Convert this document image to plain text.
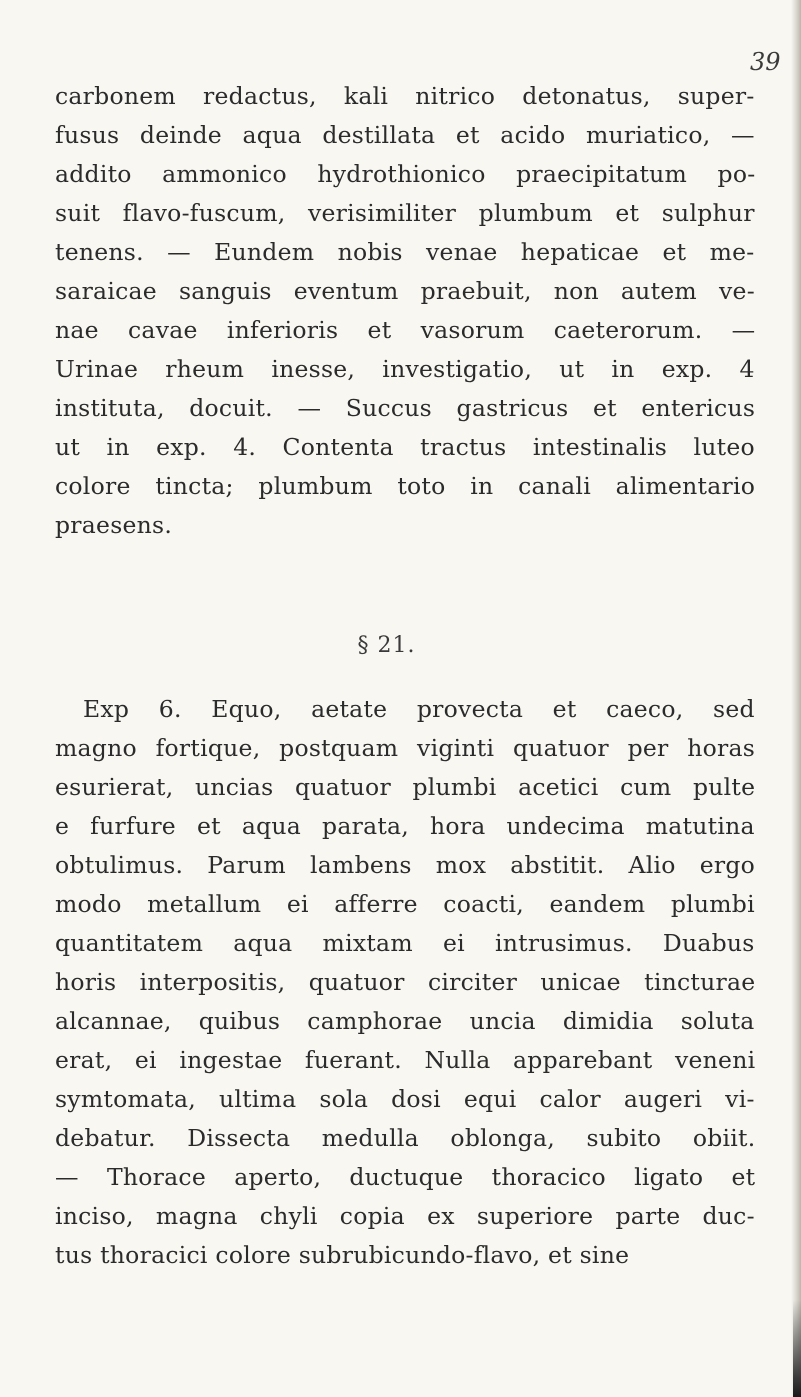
39
carbonem redactus, kali nitrico detonatus, super-
fusus deinde aqua destillata et acido muriatico, —
addito ammonico hydrothionico praecipitatum po-
suit flavo-fuscum, verisimiliter plumbum et sulphur
tenens. — Eundem nobis venae hepaticae et me-
saraicae sanguis eventum praebuit, non autem ve-
nae cavae inferioris et vasorum caeterorum. —
Urinae rheum inesse, investigatio, ut in exp. 4
instituta, docuit. — Succus gastricus et entericus
ut in exp. 4. Contenta tractus intestinalis luteo
colore tincta; plumbum toto in canali alimentario
praesens.
§ 21.
Exp 6. Equo, aetate provecta et caeco, sed
magno fortique, postquam viginti quatuor per horas
esurierat, uncias quatuor plumbi acetici cum pulte
e furfure et aqua parata, hora undecima matutina
obtulimus. Parum lambens mox abstitit. Alio ergo
modo metallum ei afferre coacti, eandem plumbi
quantitatem aqua mixtam ei intrusimus. Duabus
horis interpositis, quatuor circiter unicae tincturae
alcannae, quibus camphorae uncia dimidia soluta
erat, ei ingestae fuerant. Nulla apparebant veneni
symtomata, ultima sola dosi equi calor augeri vi-
debatur. Dissecta medulla oblonga, subito obiit.
— Thorace aperto, ductuque thoracico ligato et
inciso, magna chyli copia ex superiore parte duc-
tus thoracici colore subrubicundo-flavo, et sine
